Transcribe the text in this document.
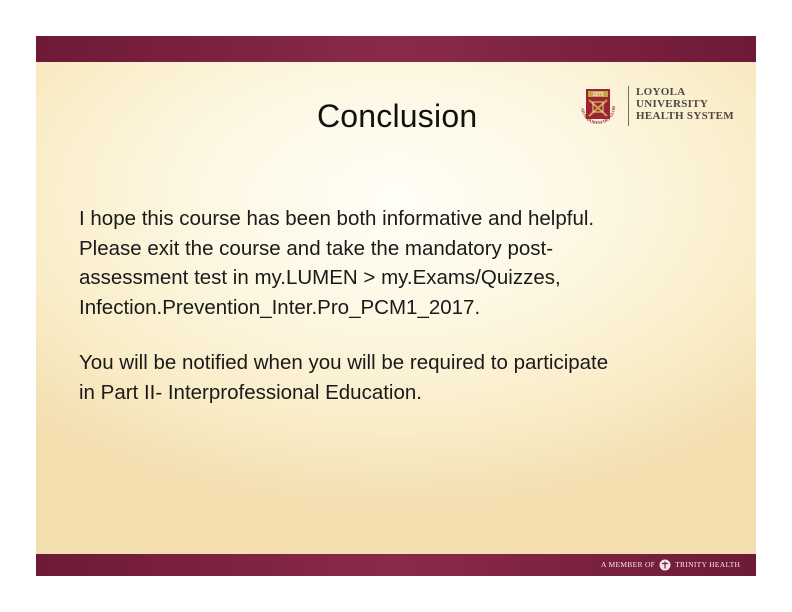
Conclusion
1870
AD·MAIOREM·DEI·GLOR
LOYOLA
UNIVERSITY
HEALTH SYSTEM
I hope this course has been both informative and helpful.
Please exit the course and take the mandatory post-
assessment test in my.LUMEN > my.Exams/Quizzes,
Infection.Prevention_Inter.Pro_PCM1_2017.
You will be notified when you will be required to participate
in Part II- Interprofessional Education.
A MEMBER OF	TRINITY HEALTH
